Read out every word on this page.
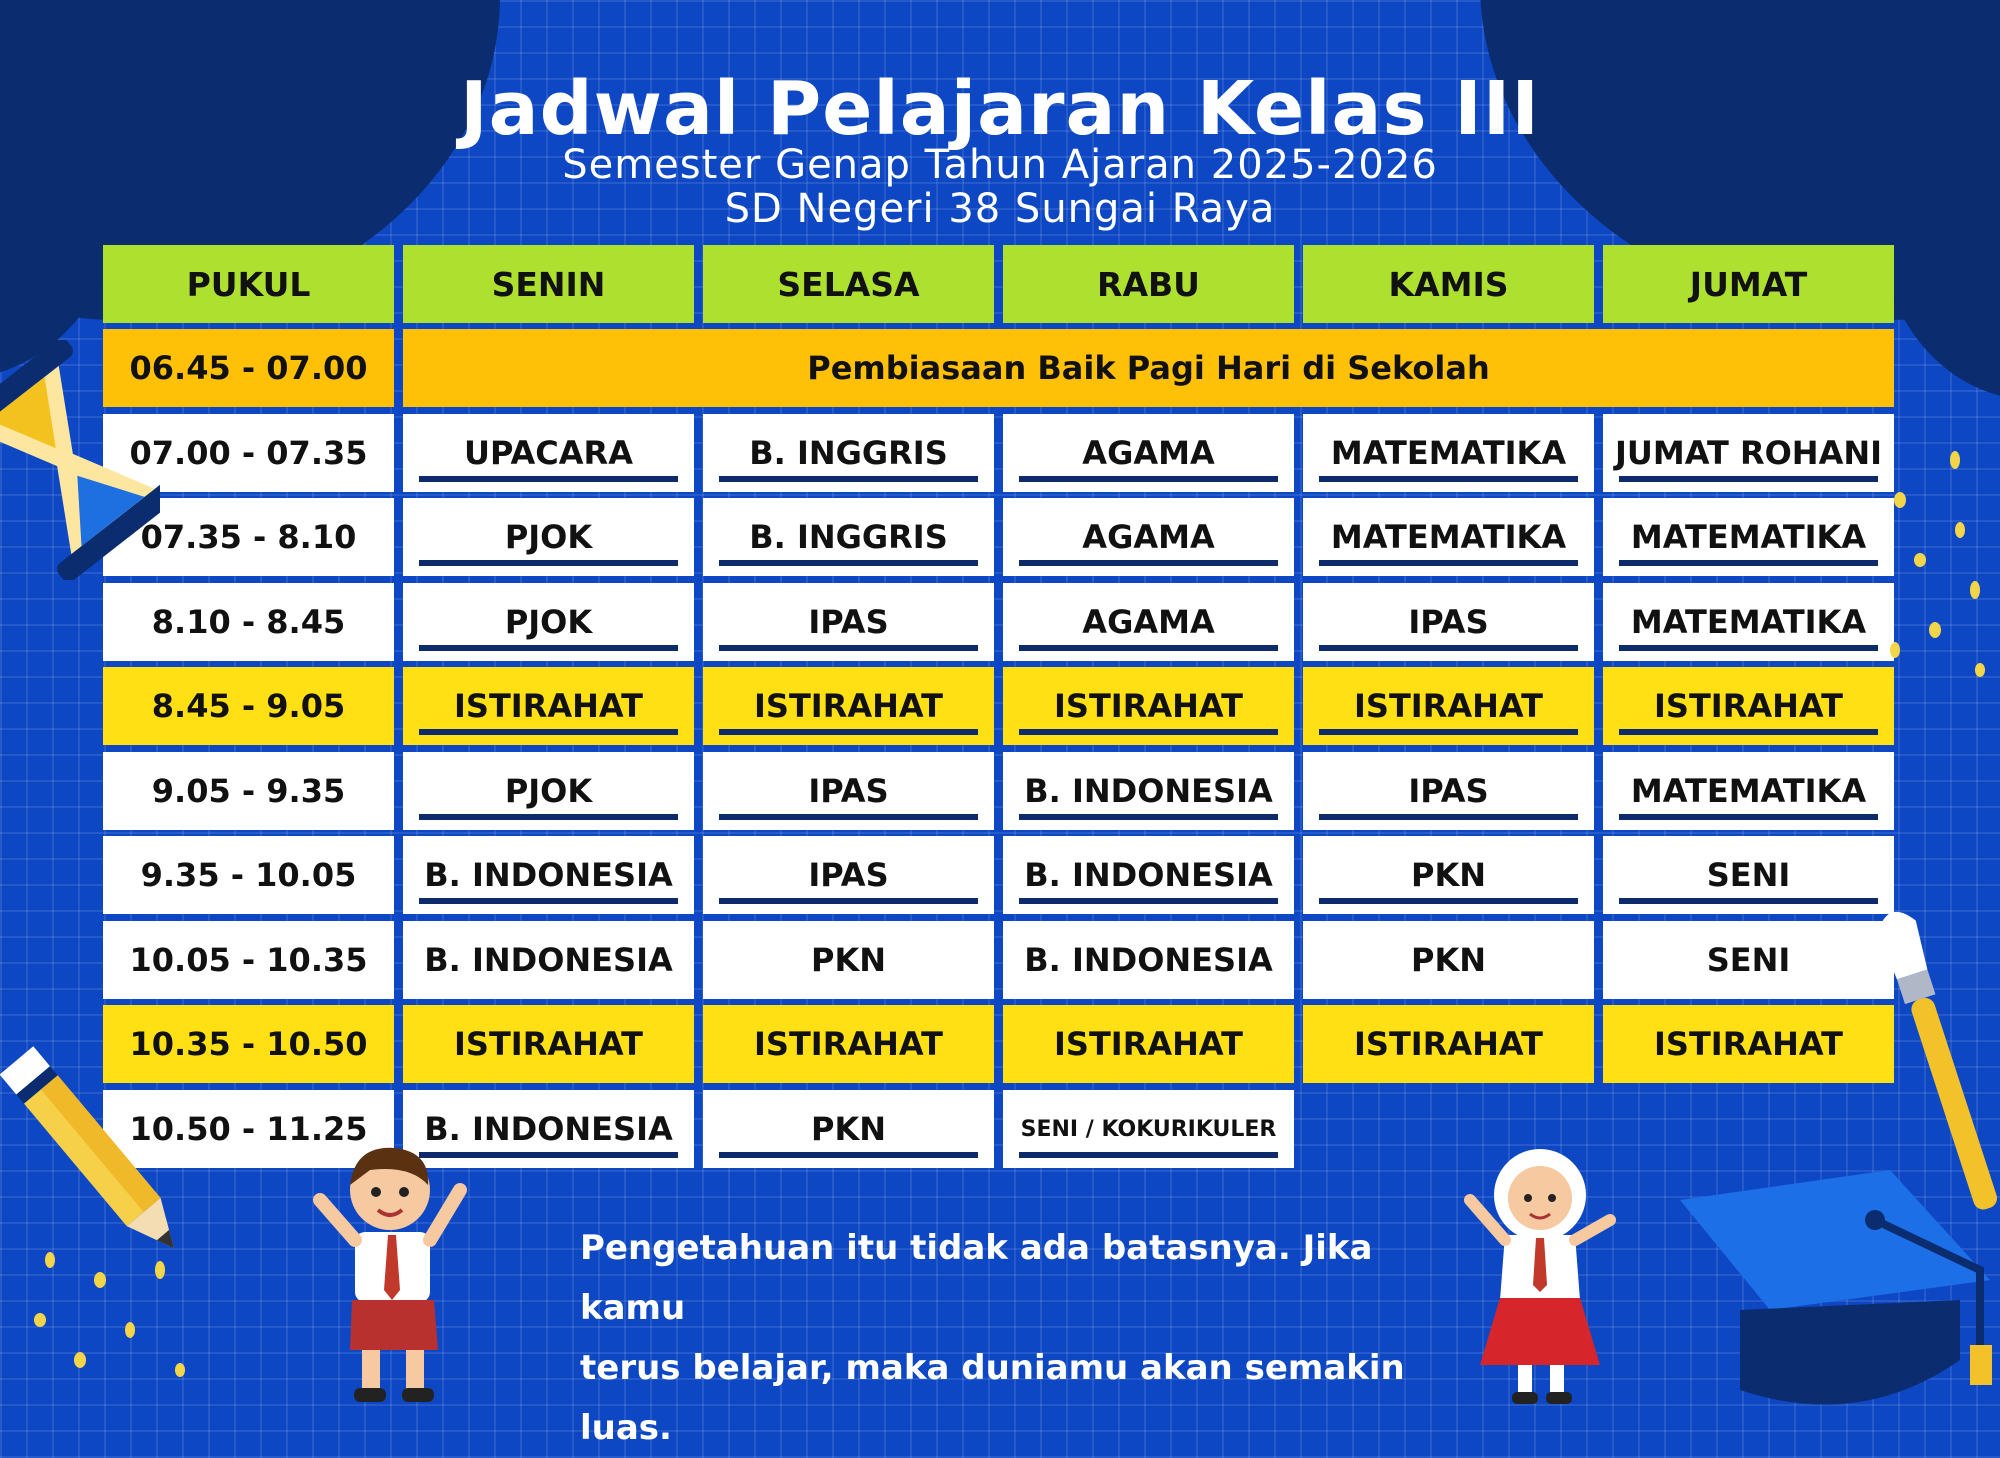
Jadwal Pelajaran Kelas III
Semester Genap Tahun Ajaran 2025-2026
SD Negeri 38 Sungai Raya
PUKUL	SENIN	SELASA	RABU	KAMIS	JUMAT
06.45 - 07.00	Pembiasaan Baik Pagi Hari di Sekolah
07.00 - 07.35	UPACARA	B. INGGRIS	AGAMA	MATEMATIKA	JUMAT ROHANI
07.35 - 8.10	PJOK	B. INGGRIS	AGAMA	MATEMATIKA	MATEMATIKA
8.10 - 8.45	PJOK	IPAS	AGAMA	IPAS	MATEMATIKA
8.45 - 9.05	ISTIRAHAT	ISTIRAHAT	ISTIRAHAT	ISTIRAHAT	ISTIRAHAT
9.05 - 9.35	PJOK	IPAS	B. INDONESIA	IPAS	MATEMATIKA
9.35 - 10.05	B. INDONESIA	IPAS	B. INDONESIA	PKN	SENI
10.05 - 10.35	B. INDONESIA	PKN	B. INDONESIA	PKN	SENI
10.35 - 10.50	ISTIRAHAT	ISTIRAHAT	ISTIRAHAT	ISTIRAHAT	ISTIRAHAT
10.50 - 11.25	B. INDONESIA	PKN	SENI / KOKURIKULER
Pengetahuan itu tidak ada batasnya. Jika kamu
terus belajar, maka duniamu akan semakin luas.
